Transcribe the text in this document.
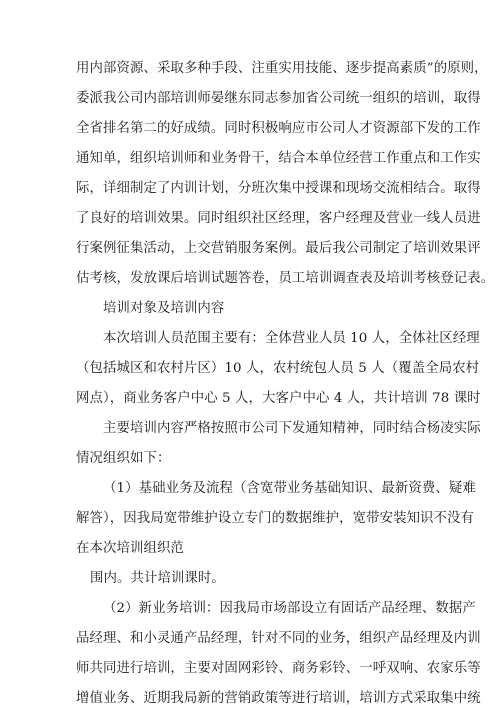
用内部资源、采取多种手段、注重实用技能、逐步提高素质”的原则，
委派我公司内部培训师晏继东同志参加省公司统一组织的培训，取得
全省排名第二的好成绩。同时积极响应市公司人才资源部下发的工作
通知单，组织培训师和业务骨干，结合本单位经营工作重点和工作实
际，详细制定了内训计划，分班次集中授课和现场交流相结合。取得
了良好的培训效果。同时组织社区经理，客户经理及营业一线人员进
行案例征集活动，上交营销服务案例。最后我公司制定了培训效果评
估考核，发放课后培训试题答卷，员工培训调查表及培训考核登记表。
培训对象及培训内容
本次培训人员范围主要有：全体营业人员 10 人，全体社区经理
（包括城区和农村片区）10 人，农村统包人员 5 人（覆盖全局农村
网点），商业务客户中心 5 人，大客户中心 4 人，共计培训 78 课时
主要培训内容严格按照市公司下发通知精神，同时结合杨凌实际
情况组织如下：
（1）基础业务及流程（含宽带业务基础知识、最新资费、疑难
解答），因我局宽带维护设立专门的数据维护，宽带安装知识不没有
在本次培训组织范
围内。共计培训课时。
（2）新业务培训：因我局市场部设立有固话产品经理、数据产
品经理、和小灵通产品经理，针对不同的业务，组织产品经理及内训
师共同进行培训，主要对固网彩铃、商务彩铃、一呼双响、农家乐等
增值业务、近期我局新的营销政策等进行培训，培训方式采取集中统
